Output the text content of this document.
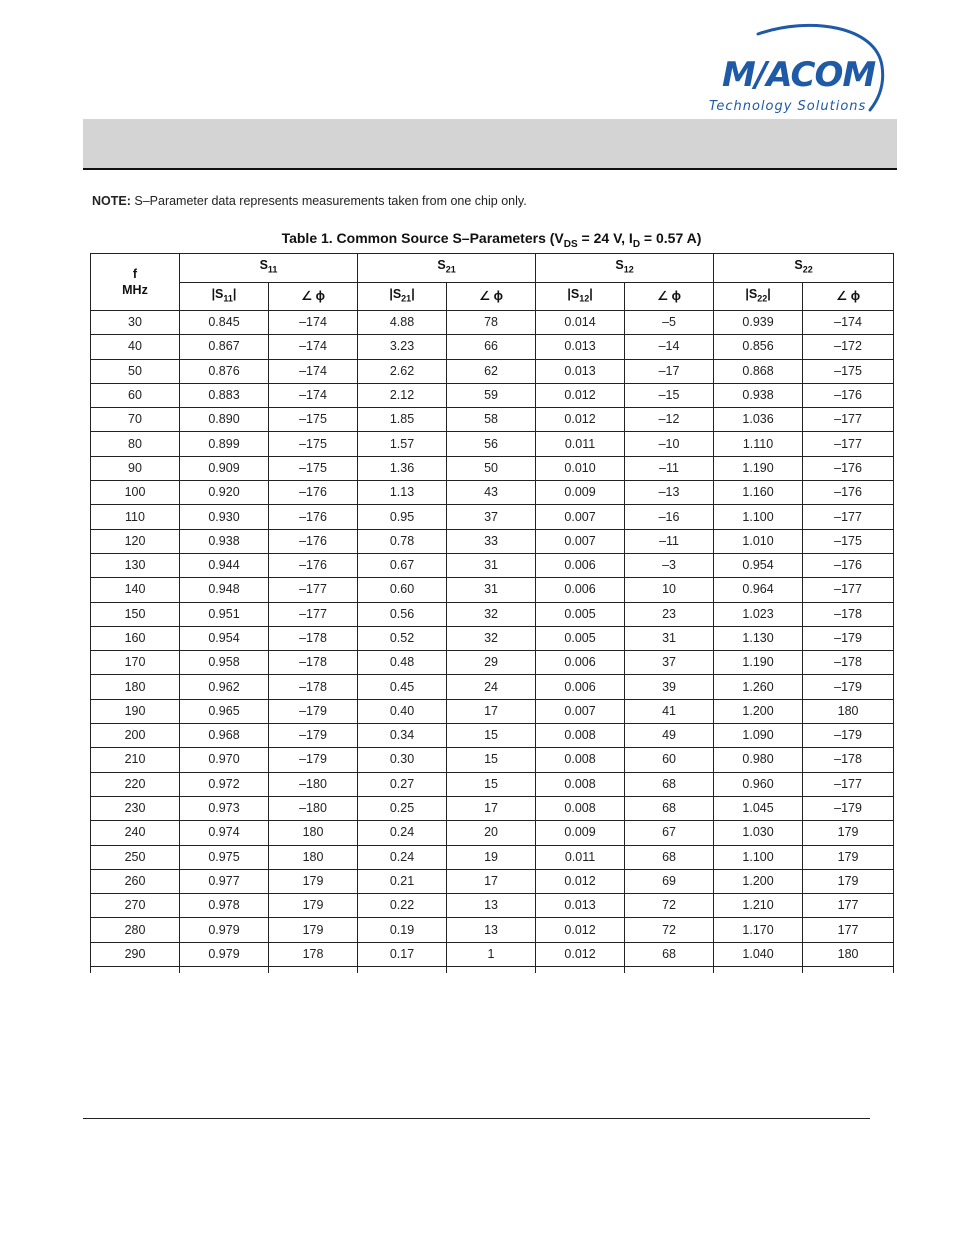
M/ACOM
Technology Solutions
NOTE: S–Parameter data represents measurements taken from one chip only.
Table 1. Common Source S–Parameters ($V_{DS} = 24$ V, $I_D = 0.57$ A)
f
MHz	$S_{11}$		$S_{21}$		$S_{12}$		$S_{22}$
	$|S_{11}|$	∠ ϕ	$|S_{21}|$	∠ ϕ	$|S_{12}|$	∠ ϕ	$|S_{22}|$	∠ ϕ
30	0.845	–174	4.88	78	0.014	–5	0.939	–174
40	0.867	–174	3.23	66	0.013	–14	0.856	–172
50	0.876	–174	2.62	62	0.013	–17	0.868	–175
60	0.883	–174	2.12	59	0.012	–15	0.938	–176
70	0.890	–175	1.85	58	0.012	–12	1.036	–177
80	0.899	–175	1.57	56	0.011	–10	1.110	–177
90	0.909	–175	1.36	50	0.010	–11	1.190	–176
100	0.920	–176	1.13	43	0.009	–13	1.160	–176
110	0.930	–176	0.95	37	0.007	–16	1.100	–177
120	0.938	–176	0.78	33	0.007	–11	1.010	–175
130	0.944	–176	0.67	31	0.006	–3	0.954	–176
140	0.948	–177	0.60	31	0.006	10	0.964	–177
150	0.951	–177	0.56	32	0.005	23	1.023	–178
160	0.954	–178	0.52	32	0.005	31	1.130	–179
170	0.958	–178	0.48	29	0.006	37	1.190	–178
180	0.962	–178	0.45	24	0.006	39	1.260	–179
190	0.965	–179	0.40	17	0.007	41	1.200	180
200	0.968	–179	0.34	15	0.008	49	1.090	–179
210	0.970	–179	0.30	15	0.008	60	0.980	–178
220	0.972	–180	0.27	15	0.008	68	0.960	–177
230	0.973	–180	0.25	17	0.008	68	1.045	–179
240	0.974	180	0.24	20	0.009	67	1.030	179
250	0.975	180	0.24	19	0.011	68	1.100	179
260	0.977	179	0.21	17	0.012	69	1.200	179
270	0.978	179	0.22	13	0.013	72	1.210	177
280	0.979	179	0.19	13	0.012	72	1.170	177
290	0.979	178	0.17	1	0.012	68	1.040	180
